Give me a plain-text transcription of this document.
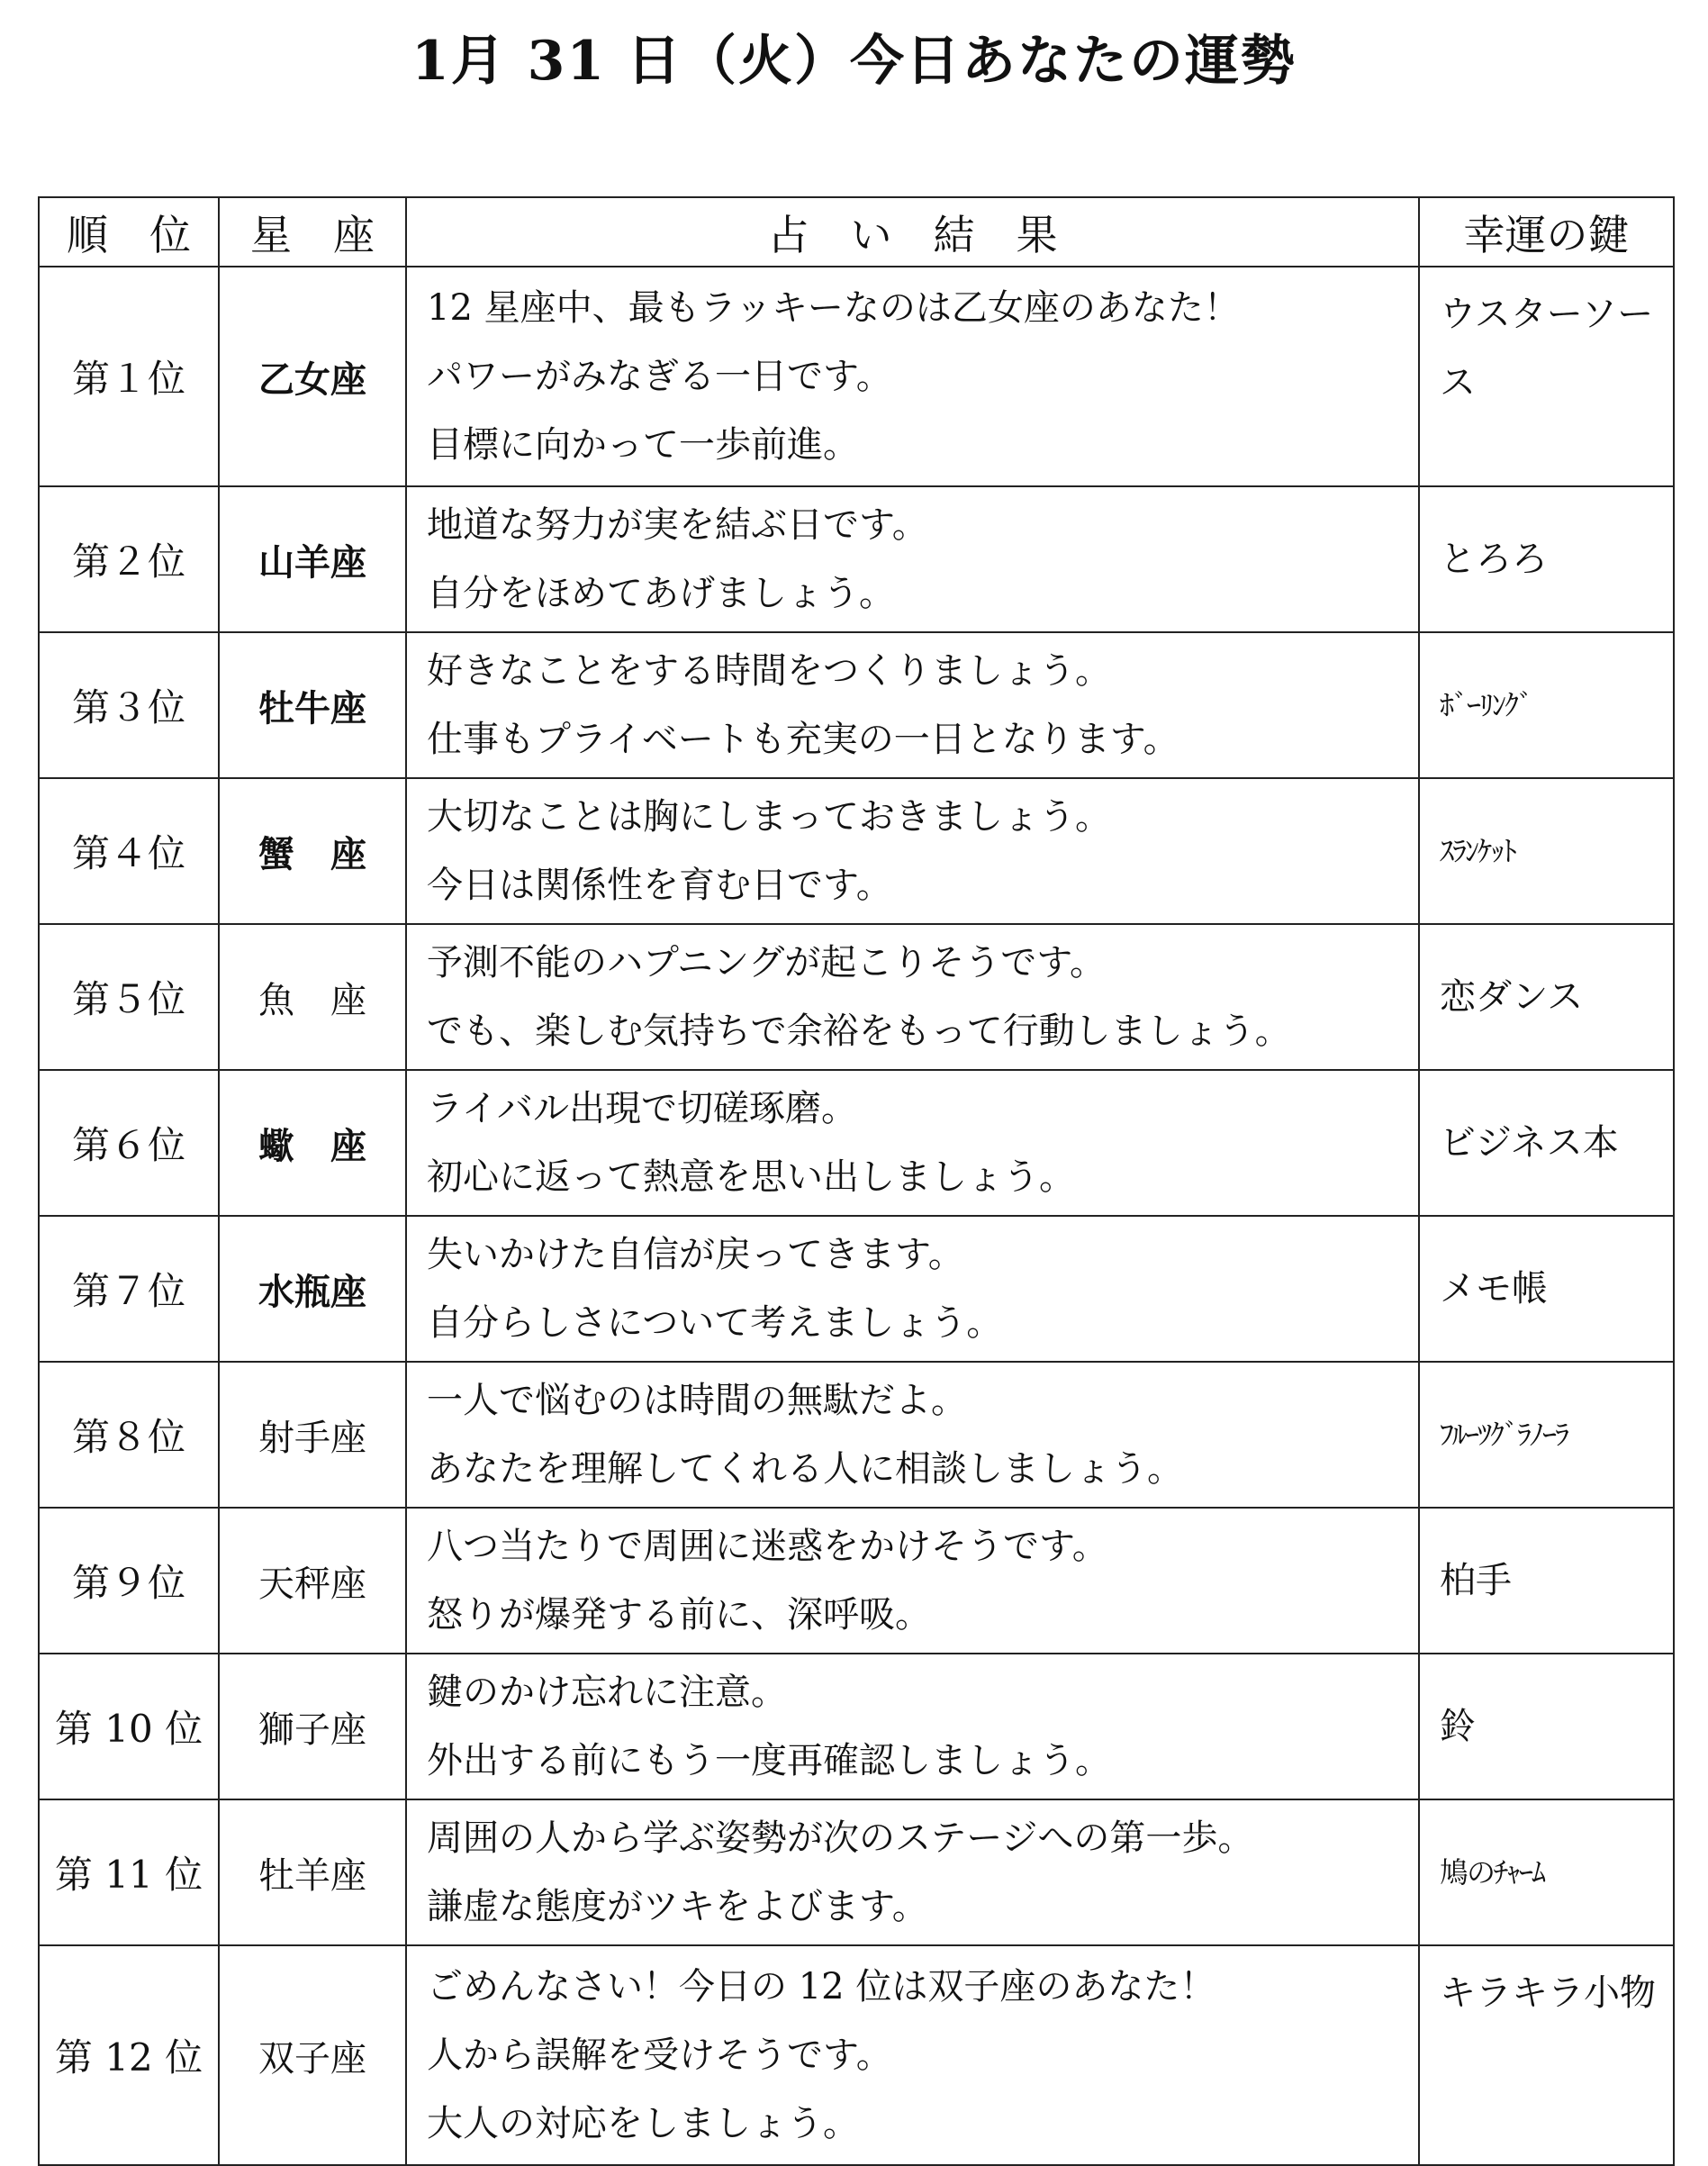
1月 31 日（火）今日あなたの運勢
順　位	星　座	占　い　結　果	幸運の鍵
第１位	乙女座	12 星座中、最もラッキーなのは乙女座のあなた！
パワーがみなぎる一日です。
目標に向かって一歩前進。	ウスターソース
第２位	山羊座	地道な努力が実を結ぶ日です。
自分をほめてあげましょう。	とろろ
第３位	牡牛座	好きなことをする時間をつくりましょう。
仕事もプライベートも充実の一日となります。	ﾎﾞｰﾘﾝｸﾞ
第４位	蟹　座	大切なことは胸にしまっておきましょう。
今日は関係性を育む日です。	ｽﾗﾝｹｯﾄ
第５位	魚　座	予測不能のハプニングが起こりそうです。
でも、楽しむ気持ちで余裕をもって行動しましょう。	恋ダンス
第６位	蠍　座	ライバル出現で切磋琢磨。
初心に返って熱意を思い出しましょう。	ビジネス本
第７位	水瓶座	失いかけた自信が戻ってきます。
自分らしさについて考えましょう。	メモ帳
第８位	射手座	一人で悩むのは時間の無駄だよ。
あなたを理解してくれる人に相談しましょう。	ﾌﾙｰﾂｸﾞﾗﾉｰﾗ
第９位	天秤座	八つ当たりで周囲に迷惑をかけそうです。
怒りが爆発する前に、深呼吸。	柏手
第 10 位	獅子座	鍵のかけ忘れに注意。
外出する前にもう一度再確認しましょう。	鈴
第 11 位	牡羊座	周囲の人から学ぶ姿勢が次のステージへの第一歩。
謙虚な態度がツキをよびます。	鳩のﾁｬｰﾑ
第 12 位	双子座	ごめんなさい！今日の 12 位は双子座のあなた！
人から誤解を受けそうです。
大人の対応をしましょう。	キラキラ小物
